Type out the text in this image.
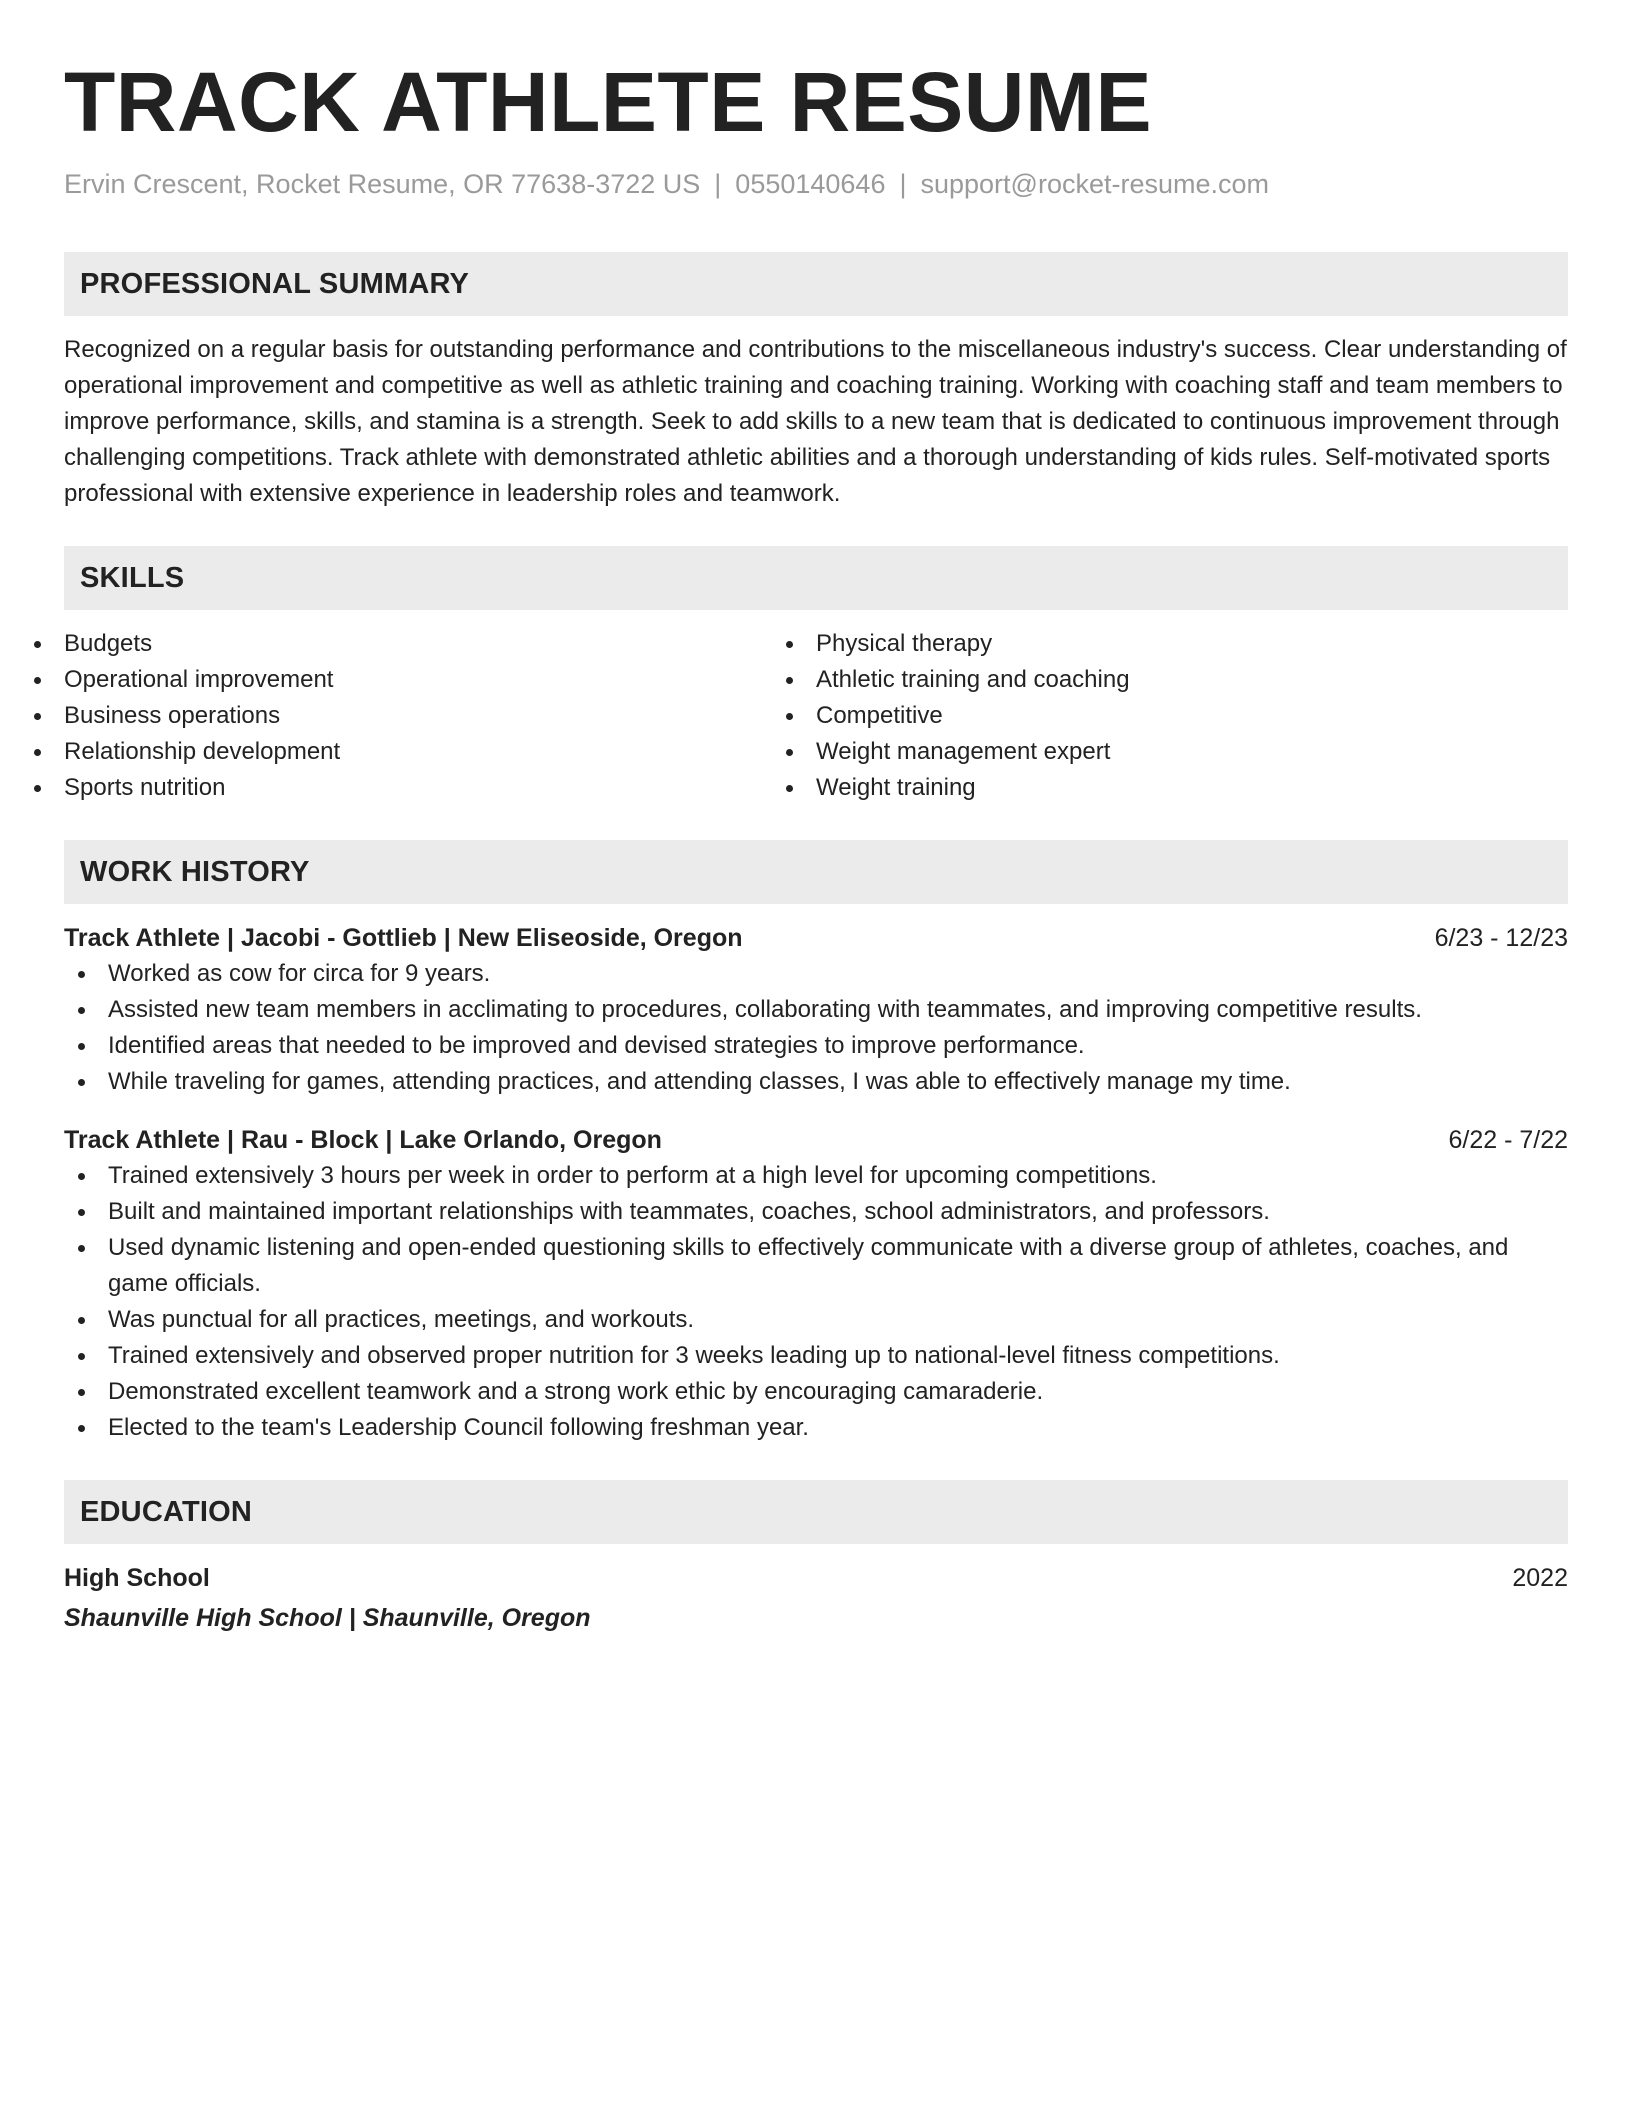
TRACK ATHLETE RESUME
Ervin Crescent, Rocket Resume, OR 77638-3722 US | 0550140646 | support@rocket-resume.com
PROFESSIONAL SUMMARY

Recognized on a regular basis for outstanding performance and contributions to the miscellaneous industry's success. Clear understanding of operational improvement and competitive as well as athletic training and coaching training. Working with coaching staff and team members to improve performance, skills, and stamina is a strength. Seek to add skills to a new team that is dedicated to continuous improvement through challenging competitions. Track athlete with demonstrated athletic abilities and a thorough understanding of kids rules. Self-motivated sports professional with extensive experience in leadership roles and teamwork.

SKILLS
Budgets
Operational improvement
Business operations
Relationship development
Sports nutrition
Physical therapy
Athletic training and coaching
Competitive
Weight management expert
Weight training
WORK HISTORY
Track Athlete | Jacobi - Gottlieb | New Eliseoside, Oregon	6/23 - 12/23
Worked as cow for circa for 9 years.
Assisted new team members in acclimating to procedures, collaborating with teammates, and improving competitive results.
Identified areas that needed to be improved and devised strategies to improve performance.
While traveling for games, attending practices, and attending classes, I was able to effectively manage my time.
Track Athlete | Rau - Block | Lake Orlando, Oregon	6/22 - 7/22
Trained extensively 3 hours per week in order to perform at a high level for upcoming competitions.
Built and maintained important relationships with teammates, coaches, school administrators, and professors.
Used dynamic listening and open-ended questioning skills to effectively communicate with a diverse group of athletes, coaches, and game officials.
Was punctual for all practices, meetings, and workouts.
Trained extensively and observed proper nutrition for 3 weeks leading up to national-level fitness competitions.
Demonstrated excellent teamwork and a strong work ethic by encouraging camaraderie.
Elected to the team's Leadership Council following freshman year.
EDUCATION
High School	2022
Shaunville High School | Shaunville, Oregon
